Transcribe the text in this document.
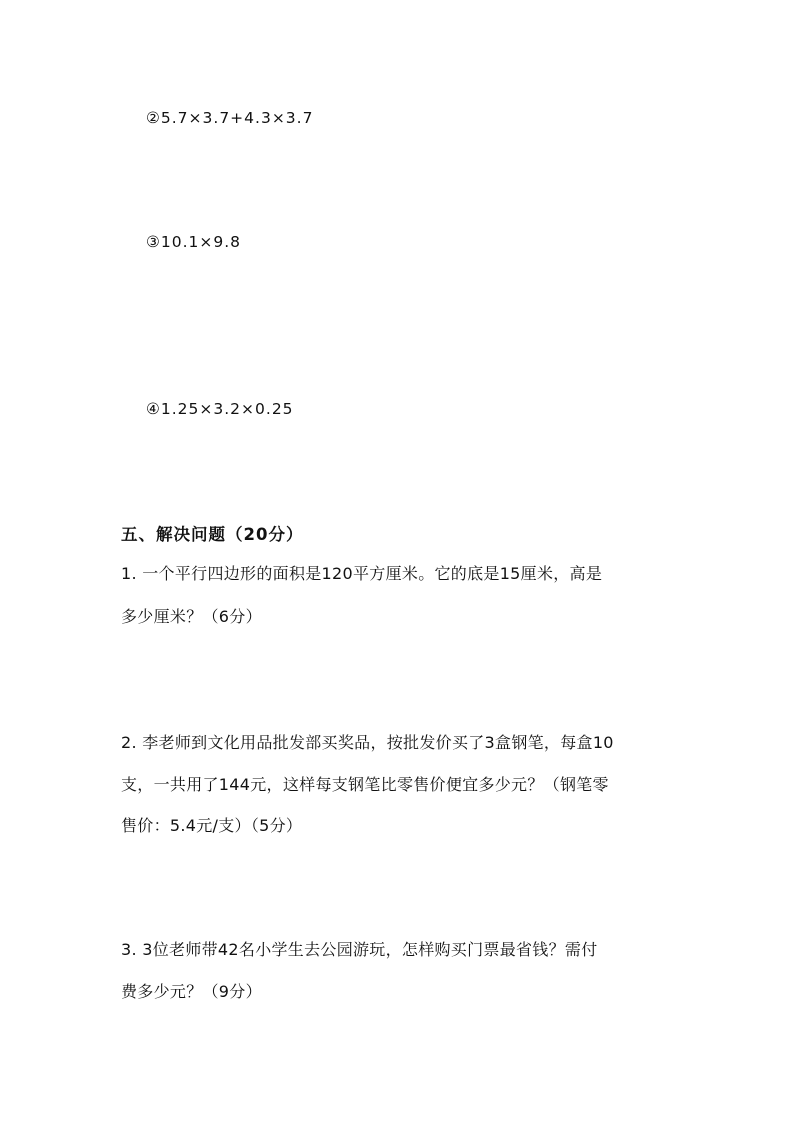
②5.7×3.7+4.3×3.7
③10.1×9.8
④1.25×3.2×0.25
五、解决问题（20分）
1. 一个平行四边形的面积是120平方厘米。它的底是15厘米，高是
多少厘米？（6分）
2. 李老师到文化用品批发部买奖品，按批发价买了3盒钢笔，每盒10
支，一共用了144元，这样每支钢笔比零售价便宜多少元？（钢笔零
售价：5.4元/支）（5分）
3. 3位老师带42名小学生去公园游玩，怎样购买门票最省钱？需付
费多少元？（9分）
